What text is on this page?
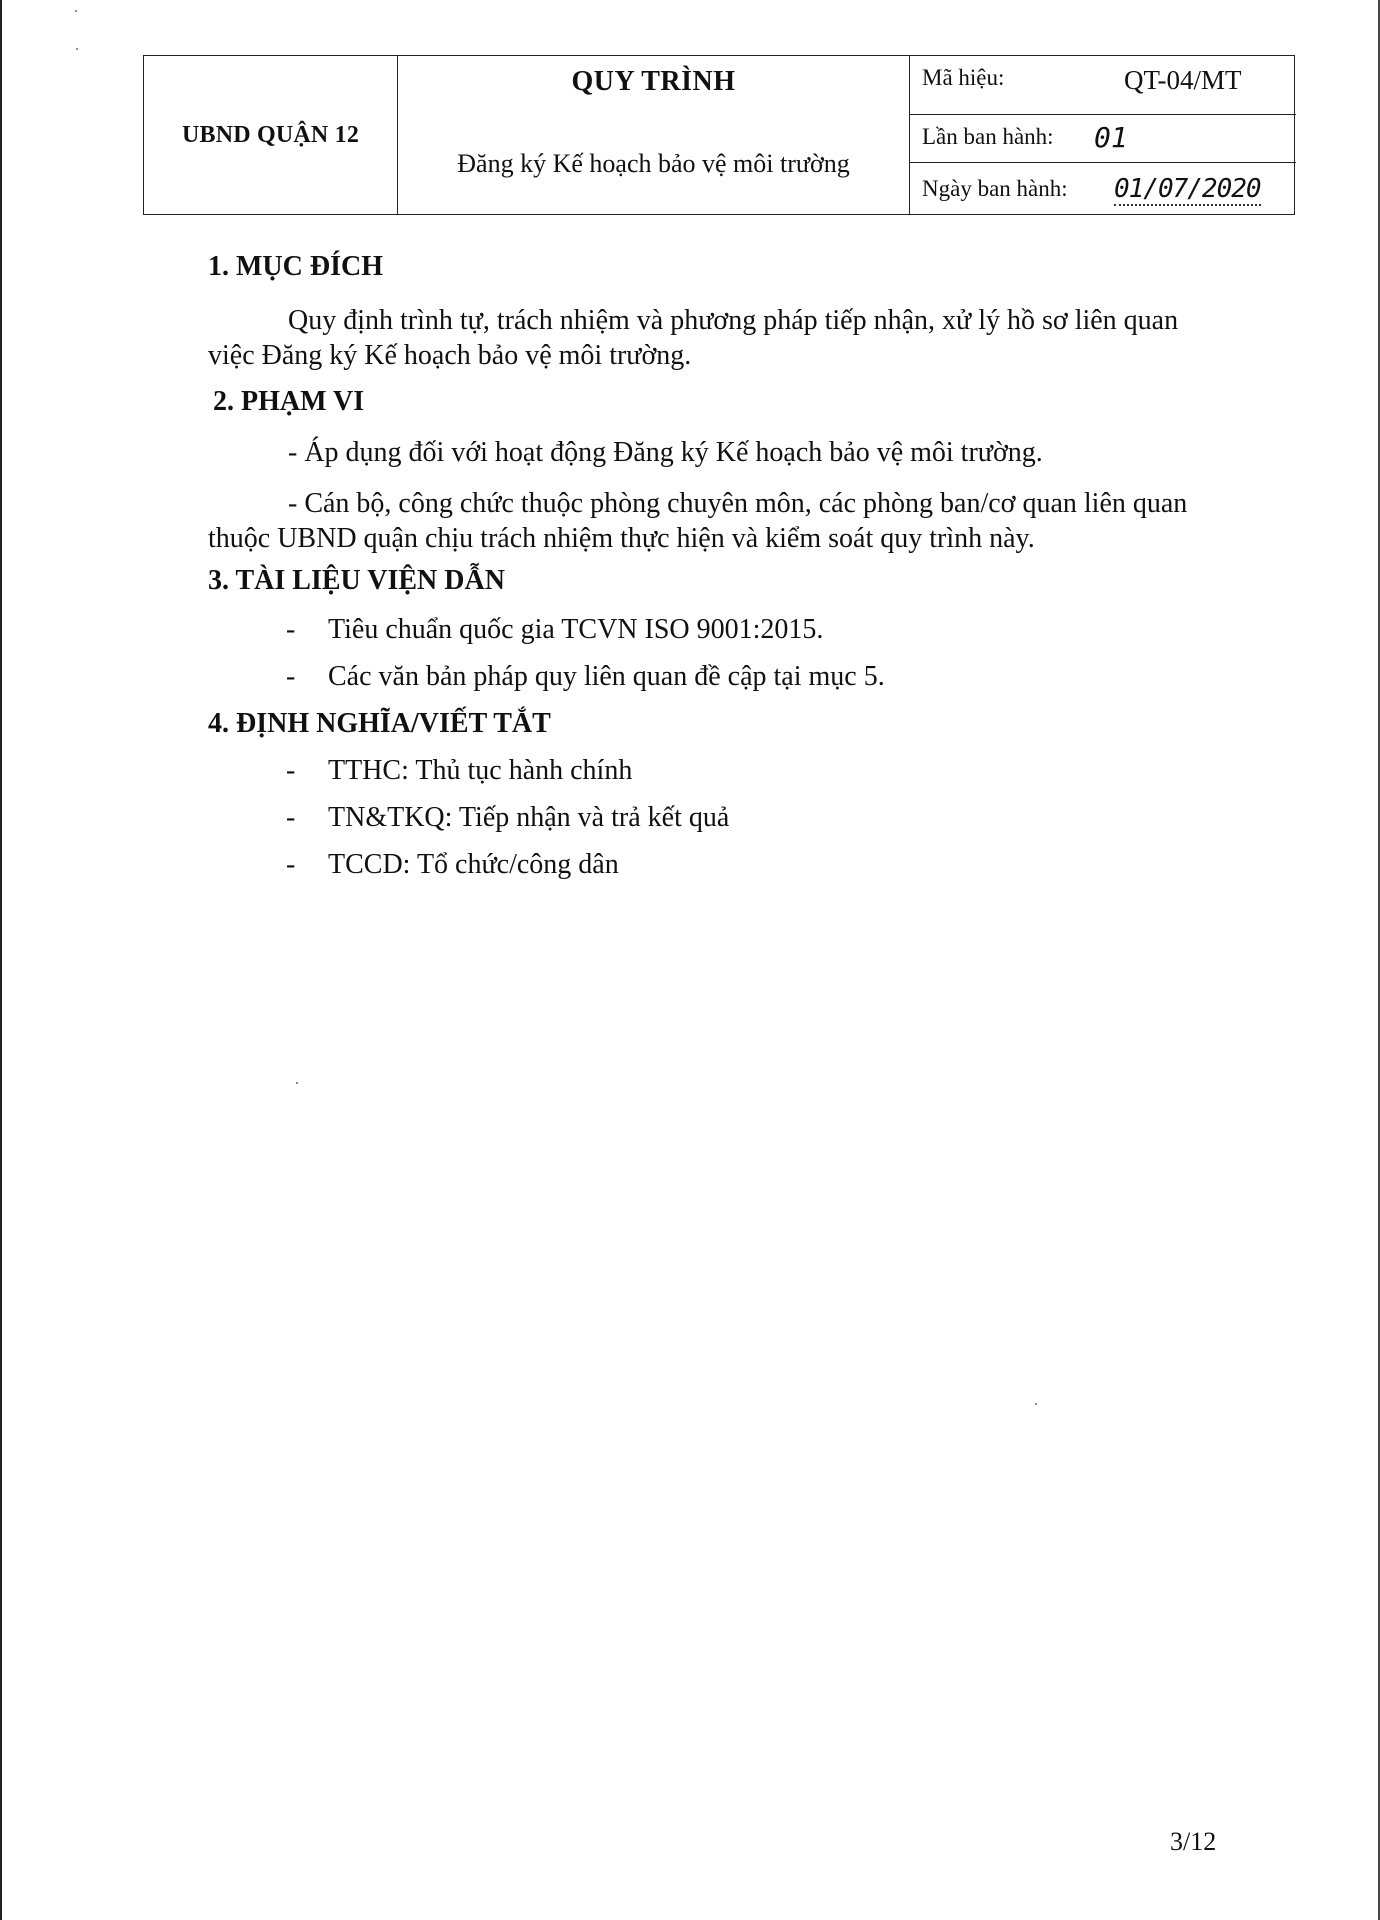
UBND QUẬN 12
QUY TRÌNH
Đăng ký Kế hoạch bảo vệ môi trường
Mã hiệu:	QT-04/MT
Lần ban hành: 01
Ngày ban hành: 01/07/2020
1. MỤC ĐÍCH
Quy định trình tự, trách nhiệm và phương pháp tiếp nhận, xử lý hồ sơ liên quan
việc Đăng ký Kế hoạch bảo vệ môi trường.
2. PHẠM VI
- Áp dụng đối với hoạt động Đăng ký Kế hoạch bảo vệ môi trường.
- Cán bộ, công chức thuộc phòng chuyên môn, các phòng ban/cơ quan liên quan
thuộc UBND quận chịu trách nhiệm thực hiện và kiểm soát quy trình này.
3. TÀI LIỆU VIỆN DẪN
- Tiêu chuẩn quốc gia TCVN ISO 9001:2015.
- Các văn bản pháp quy liên quan đề cập tại mục 5.
4. ĐỊNH NGHĨA/VIẾT TẮT
- TTHC: Thủ tục hành chính
- TN&TKQ: Tiếp nhận và trả kết quả
- TCCD: Tổ chức/công dân
3/12
